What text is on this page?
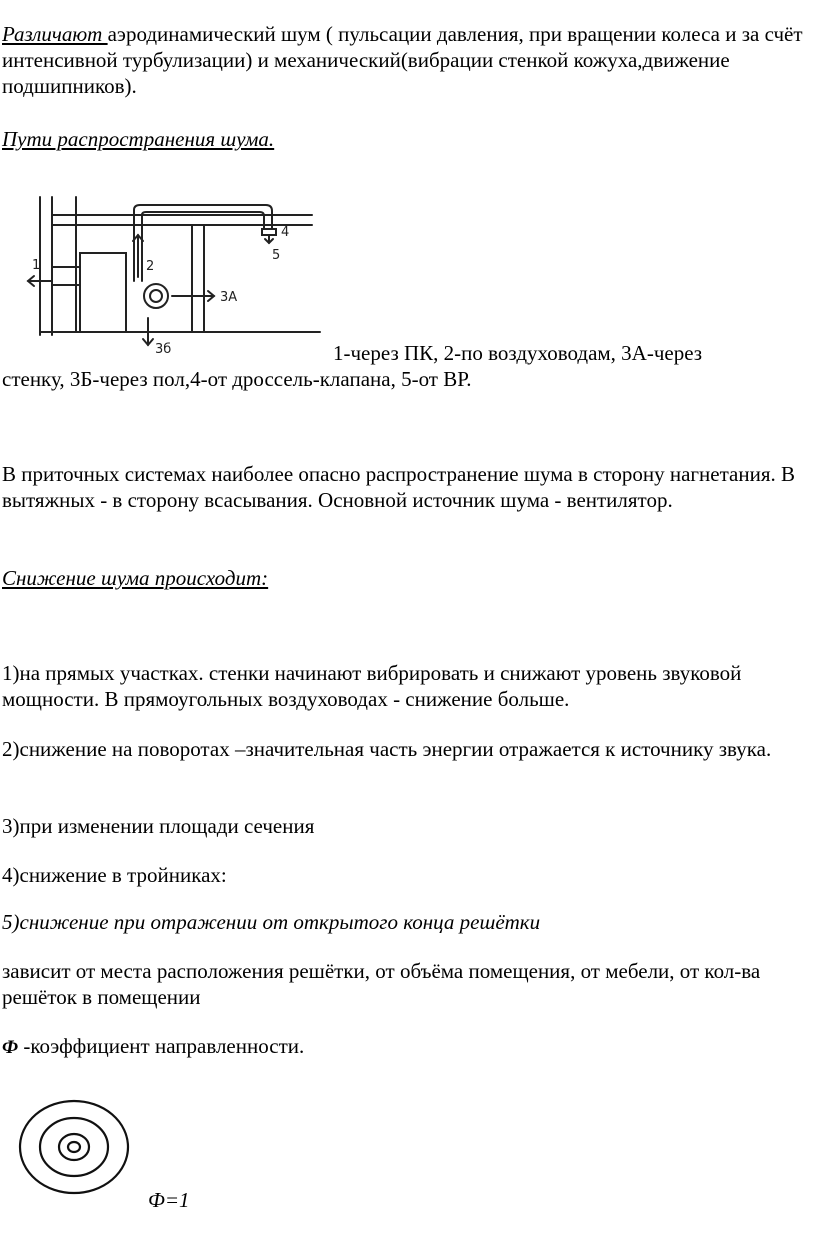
Различают аэродинамический шум ( пульсации давления, при вращении колеса и за счёт интенсивной турбулизации) и механический(вибрации стенкой кожуха,движение подшипников).

Пути распространения шума.

1	2
3А
3б
4
5
1-через ПК, 2-по воздуховодам, 3А-через
стенку, 3Б-через пол,4-от дроссель-клапана, 5-от ВР.

В приточных системах наиболее опасно распространение шума в сторону нагнетания. В вытяжных - в сторону всасывания. Основной источник шума - вентилятор.

Снижение шума происходит:

1)на прямых участках. стенки начинают вибрировать и снижают уровень звуковой мощности. В прямоугольных воздуховодах - снижение больше.

2)снижение на поворотах –значительная часть энергии отражается к источнику звука.

3)при изменении площади сечения

4)снижение в тройниках:

5)снижение при отражении от открытого конца решётки

зависит от места расположения решётки, от объёма помещения, от мебели, от кол-ва решёток в помещении

Ф -коэффициент направленности.

Ф=1
